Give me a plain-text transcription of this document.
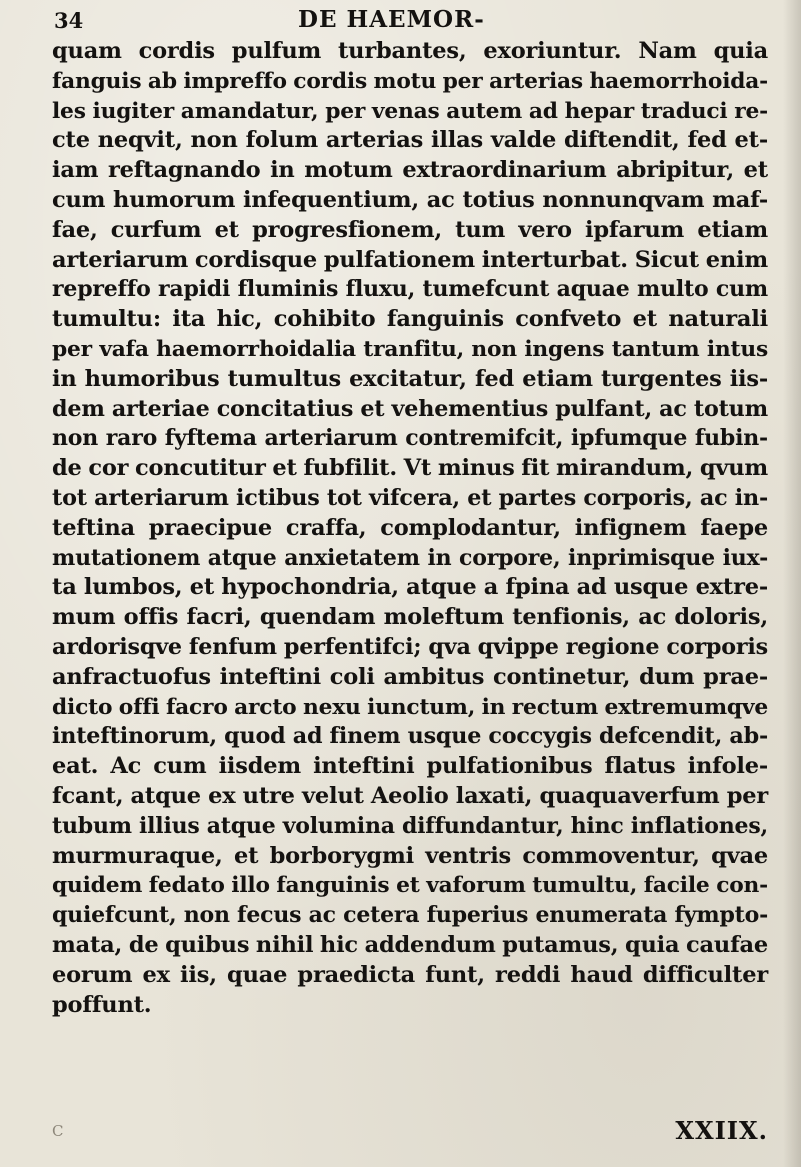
34	DE HAEMOR-
quam cordis pulfum turbantes, exoriuntur. Nam quia
fanguis ab impreffo cordis motu per arterias haemorrhoida-
les iugiter amandatur, per venas autem ad hepar traduci re-
cte neqvit, non folum arterias illas valde diftendit, fed et-
iam reftagnando in motum extraordinarium abripitur, et
cum humorum infequentium, ac totius nonnunqvam maf-
fae, curfum et progresfionem, tum vero ipfarum etiam
arteriarum cordisque pulfationem interturbat. Sicut enim
repreffo rapidi fluminis fluxu, tumefcunt aquae multo cum
tumultu: ita hic, cohibito fanguinis confveto et naturali
per vafa haemorrhoidalia tranfitu, non ingens tantum intus
in humoribus tumultus excitatur, fed etiam turgentes iis-
dem arteriae concitatius et vehementius pulfant, ac totum
non raro fyftema arteriarum contremifcit, ipfumque fubin-
de cor concutitur et fubfilit. Vt minus fit mirandum, qvum
tot arteriarum ictibus tot vifcera, et partes corporis, ac in-
teftina praecipue craffa, complodantur, infignem faepe
mutationem atque anxietatem in corpore, inprimisque iux-
ta lumbos, et hypochondria, atque a fpina ad usque extre-
mum offis facri, quendam moleftum tenfionis, ac doloris,
ardorisqve fenfum perfentifci; qva qvippe regione corporis
anfractuofus inteftini coli ambitus continetur, dum prae-
dicto offi facro arcto nexu iunctum, in rectum extremumqve
inteftinorum, quod ad finem usque coccygis defcendit, ab-
eat. Ac cum iisdem inteftini pulfationibus flatus infole-
fcant, atque ex utre velut Aeolio laxati, quaquaverfum per
tubum illius atque volumina diffundantur, hinc inflationes,
murmuraque, et borborygmi ventris commoventur, qvae
quidem fedato illo fanguinis et vaforum tumultu, facile con-
quiefcunt, non fecus ac cetera fuperius enumerata fympto-
mata, de quibus nihil hic addendum putamus, quia caufae
eorum ex iis, quae praedicta funt, reddi haud difficulter
poffunt.
C	XXIIX.
